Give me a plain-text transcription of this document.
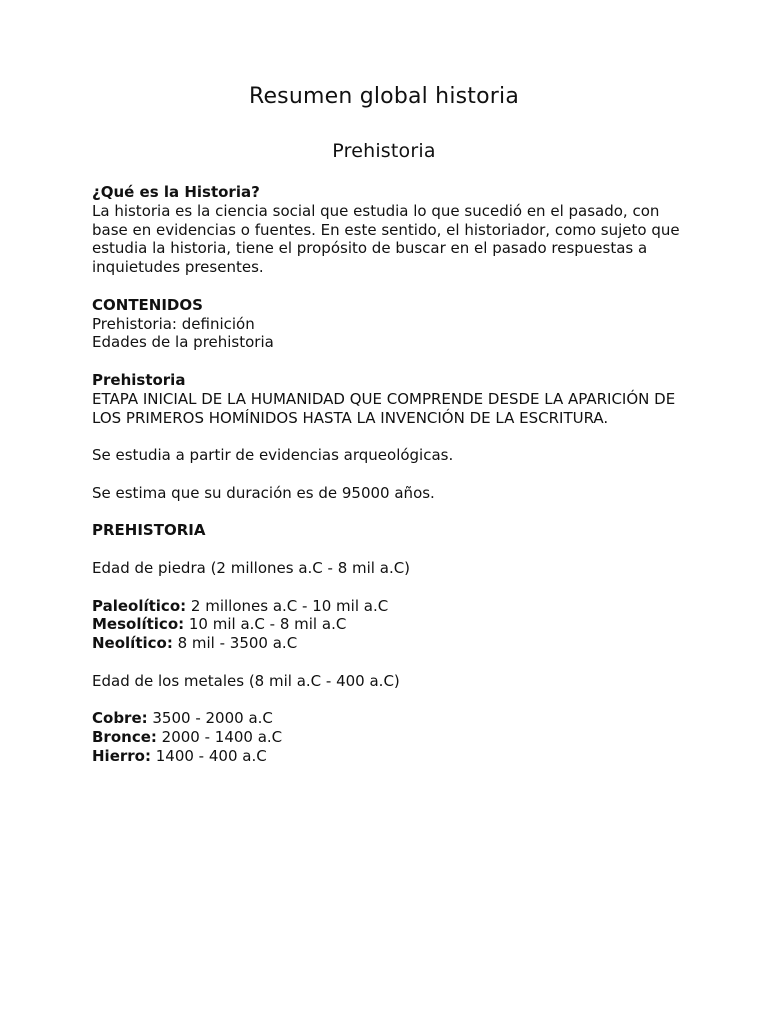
Resumen global historia
Prehistoria

¿Qué es la Historia?

La historia es la ciencia social que estudia lo que sucedió en el pasado, con base en evidencias o fuentes. En este sentido, el historiador, como sujeto que estudia la historia, tiene el propósito de buscar en el pasado respuestas a inquietudes presentes.

CONTENIDOS

Prehistoria: definición

Edades de la prehistoria

Prehistoria

ETAPA INICIAL DE LA HUMANIDAD QUE COMPRENDE DESDE LA APARICIÓN DE LOS PRIMEROS HOMÍNIDOS HASTA LA INVENCIÓN DE LA ESCRITURA.

Se estudia a partir de evidencias arqueológicas.

Se estima que su duración es de 95000 años.

PREHISTORIA

Edad de piedra (2 millones a.C - 8 mil a.C)

Paleolítico: 2 millones a.C - 10 mil a.C

Mesolítico: 10 mil a.C - 8 mil a.C

Neolítico: 8 mil - 3500 a.C

Edad de los metales (8 mil a.C - 400 a.C)

Cobre: 3500 - 2000 a.C

Bronce: 2000 - 1400 a.C

Hierro: 1400 - 400 a.C
